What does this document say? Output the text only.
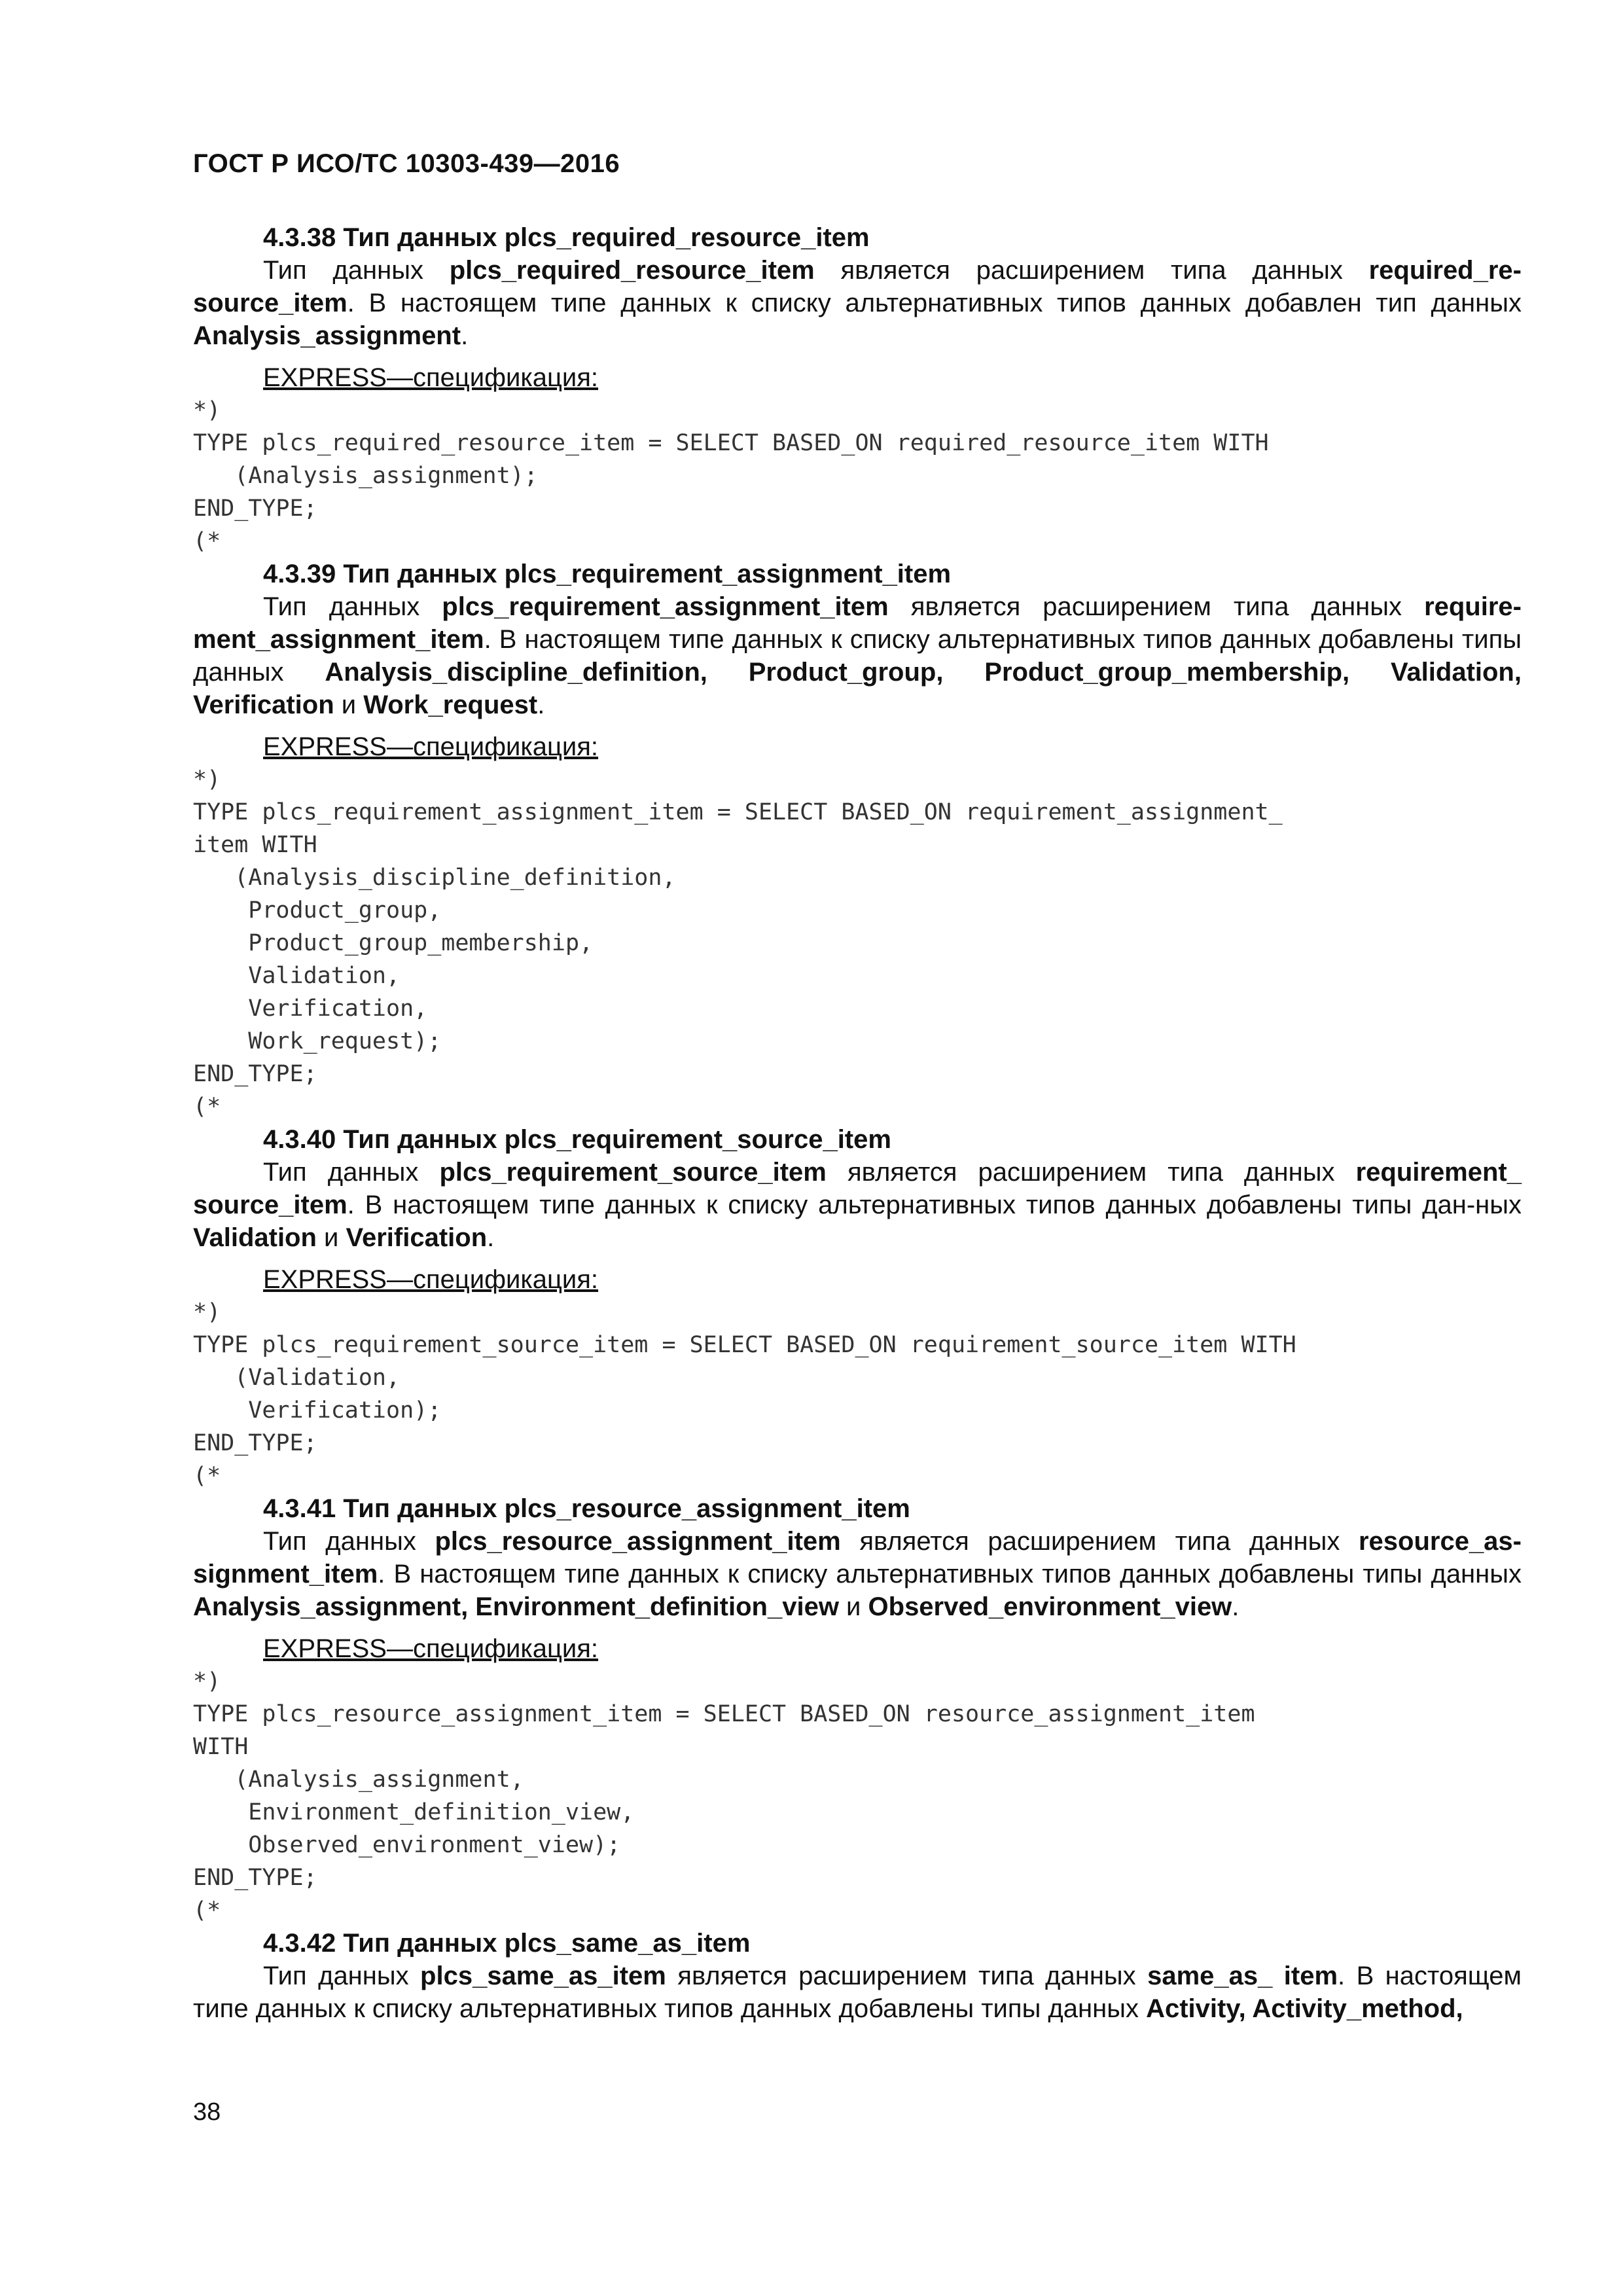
ГОСТ Р ИСО/ТС 10303-439—2016

4.3.38 Тип данных plcs_required_resource_item

Тип данных plcs_required_resource_item является расширением типа данных required_re-source_item. В настоящем типе данных к списку альтернативных типов данных добавлен тип данных Analysis_assignment.

EXPRESS—спецификация:

*)
TYPE plcs_required_resource_item = SELECT BASED_ON required_resource_item WITH
(Analysis_assignment);
END_TYPE;
(*

4.3.39 Тип данных plcs_requirement_assignment_item

Тип данных plcs_requirement_assignment_item является расширением типа данных require-ment_assignment_item. В настоящем типе данных к списку альтернативных типов данных добавлены типы данных Analysis_discipline_definition, Product_group, Product_group_membership, Validation, Verification и Work_request.

EXPRESS—спецификация:

*)
TYPE plcs_requirement_assignment_item = SELECT BASED_ON requirement_assignment_
item WITH
(Analysis_discipline_definition,
Product_group,
Product_group_membership,
Validation,
Verification,
Work_request);
END_TYPE;
(*

4.3.40 Тип данных plcs_requirement_source_item

Тип данных plcs_requirement_source_item является расширением типа данных requirement_ source_item. В настоящем типе данных к списку альтернативных типов данных добавлены типы дан-ных Validation и Verification.

EXPRESS—спецификация:

*)
TYPE plcs_requirement_source_item = SELECT BASED_ON requirement_source_item WITH
(Validation,
Verification);
END_TYPE;
(*

4.3.41 Тип данных plcs_resource_assignment_item

Тип данных plcs_resource_assignment_item является расширением типа данных resource_as-signment_item. В настоящем типе данных к списку альтернативных типов данных добавлены типы данных Analysis_assignment, Environment_definition_view и Observed_environment_view.

EXPRESS—спецификация:

*)
TYPE plcs_resource_assignment_item = SELECT BASED_ON resource_assignment_item
WITH
(Analysis_assignment,
Environment_definition_view,
Observed_environment_view);
END_TYPE;
(*

4.3.42 Тип данных plcs_same_as_item

Тип данных plcs_same_as_item является расширением типа данных same_as_ item. В настоящем типе данных к списку альтернативных типов данных добавлены типы данных Activity, Activity_method,

38
